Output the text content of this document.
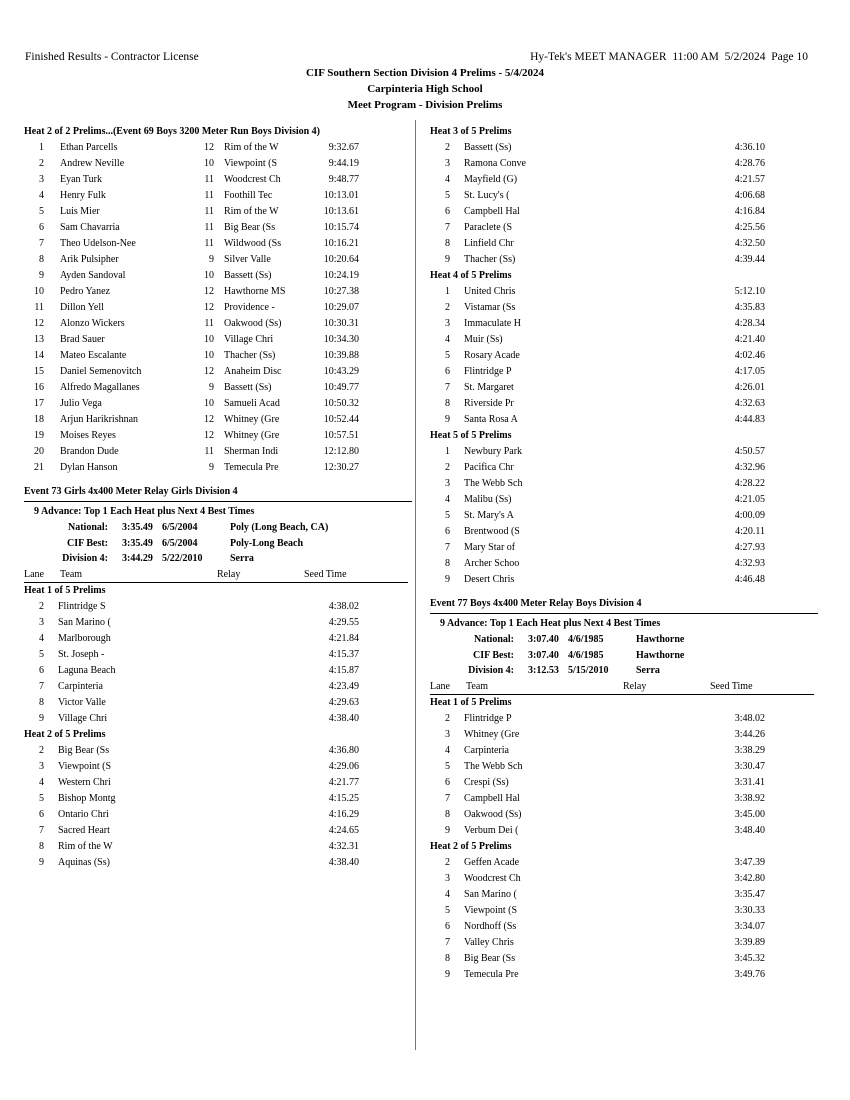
Finished Results - Contractor License	Hy-Tek's MEET MANAGER  11:00 AM  5/2/2024  Page 10
CIF Southern Section Division 4 Prelims - 5/4/2024
Carpinteria High School
Meet Program - Division Prelims
Heat 2 of 2 Prelims...(Event 69 Boys 3200 Meter Run Boys Division 4)
1 Ethan Parcells	12 Rim of the W	9:32.67
2 Andrew Neville	10 Viewpoint (S	9:44.19
3 Eyan Turk	11 Woodcrest Ch	9:48.77
4 Henry Fulk	11 Foothill Tec	10:13.01
5 Luis Mier	11 Rim of the W	10:13.61
6 Sam Chavarria	11 Big Bear (Ss	10:15.74
7 Theo Udelson-Nee	11 Wildwood (Ss	10:16.21
8 Arik Pulsipher	9 Silver Valle	10:20.64
9 Ayden Sandoval	10 Bassett (Ss)	10:24.19
10 Pedro Yanez	12 Hawthorne MS	10:27.38
11 Dillon Yell	12 Providence -	10:29.07
12 Alonzo Wickers	11 Oakwood (Ss)	10:30.31
13 Brad Sauer	10 Village Chri	10:34.30
14 Mateo Escalante	10 Thacher (Ss)	10:39.88
15 Daniel Semenovitch	12 Anaheim Disc	10:43.29
16 Alfredo Magallanes	9 Bassett (Ss)	10:49.77
17 Julio Vega	10 Samueli Acad	10:50.32
18 Arjun Harikrishnan	12 Whitney (Gre	10:52.44
19 Moises Reyes	12 Whitney (Gre	10:57.51
20 Brandon Dude	11 Sherman Indi	12:12.80
21 Dylan Hanson	9 Temecula Pre	12:30.27
Event 73 Girls 4x400 Meter Relay Girls Division 4
9 Advance: Top 1 Each Heat plus Next 4 Best Times
National: 3:35.49 6/5/2004	Poly (Long Beach, CA)
CIF Best: 3:35.49 6/5/2004	Poly-Long Beach
Division 4: 3:44.29 5/22/2010	Serra
Lane Team	Relay	Seed Time
Heat 1 of 5 Prelims
2 Flintridge S	4:38.02
3 San Marino (	4:29.55
4 Marlborough	4:21.84
5 St. Joseph -	4:15.37
6 Laguna Beach	4:15.87
7 Carpinteria	4:23.49
8 Victor Valle	4:29.63
9 Village Chri	4:38.40
Heat 2 of 5 Prelims
2 Big Bear (Ss	4:36.80
3 Viewpoint (S	4:29.06
4 Western Chri	4:21.77
5 Bishop Montg	4:15.25
6 Ontario Chri	4:16.29
7 Sacred Heart	4:24.65
8 Rim of the W	4:32.31
9 Aquinas (Ss)	4:38.40
Heat 3 of 5 Prelims
2 Bassett (Ss)	4:36.10
3 Ramona Conve	4:28.76
4 Mayfield (G)	4:21.57
5 St. Lucy's (	4:06.68
6 Campbell Hal	4:16.84
7 Paraclete (S	4:25.56
8 Linfield Chr	4:32.50
9 Thacher (Ss)	4:39.44
Heat 4 of 5 Prelims
1 United Chris	5:12.10
2 Vistamar (Ss	4:35.83
3 Immaculate H	4:28.34
4 Muir (Ss)	4:21.40
5 Rosary Acade	4:02.46
6 Flintridge P	4:17.05
7 St. Margaret	4:26.01
8 Riverside Pr	4:32.63
9 Santa Rosa A	4:44.83
Heat 5 of 5 Prelims
1 Newbury Park	4:50.57
2 Pacifica Chr	4:32.96
3 The Webb Sch	4:28.22
4 Malibu (Ss)	4:21.05
5 St. Mary's A	4:00.09
6 Brentwood (S	4:20.11
7 Mary Star of	4:27.93
8 Archer Schoo	4:32.93
9 Desert Chris	4:46.48
Event 77 Boys 4x400 Meter Relay Boys Division 4
9 Advance: Top 1 Each Heat plus Next 4 Best Times
National: 3:07.40 4/6/1985	Hawthorne
CIF Best: 3:07.40 4/6/1985	Hawthorne
Division 4: 3:12.53 5/15/2010	Serra
Lane Team	Relay	Seed Time
Heat 1 of 5 Prelims
2 Flintridge P	3:48.02
3 Whitney (Gre	3:44.26
4 Carpinteria	3:38.29
5 The Webb Sch	3:30.47
6 Crespi (Ss)	3:31.41
7 Campbell Hal	3:38.92
8 Oakwood (Ss)	3:45.00
9 Verbum Dei (	3:48.40
Heat 2 of 5 Prelims
2 Geffen Acade	3:47.39
3 Woodcrest Ch	3:42.80
4 San Marino (	3:35.47
5 Viewpoint (S	3:30.33
6 Nordhoff (Ss	3:34.07
7 Valley Chris	3:39.89
8 Big Bear (Ss	3:45.32
9 Temecula Pre	3:49.76
